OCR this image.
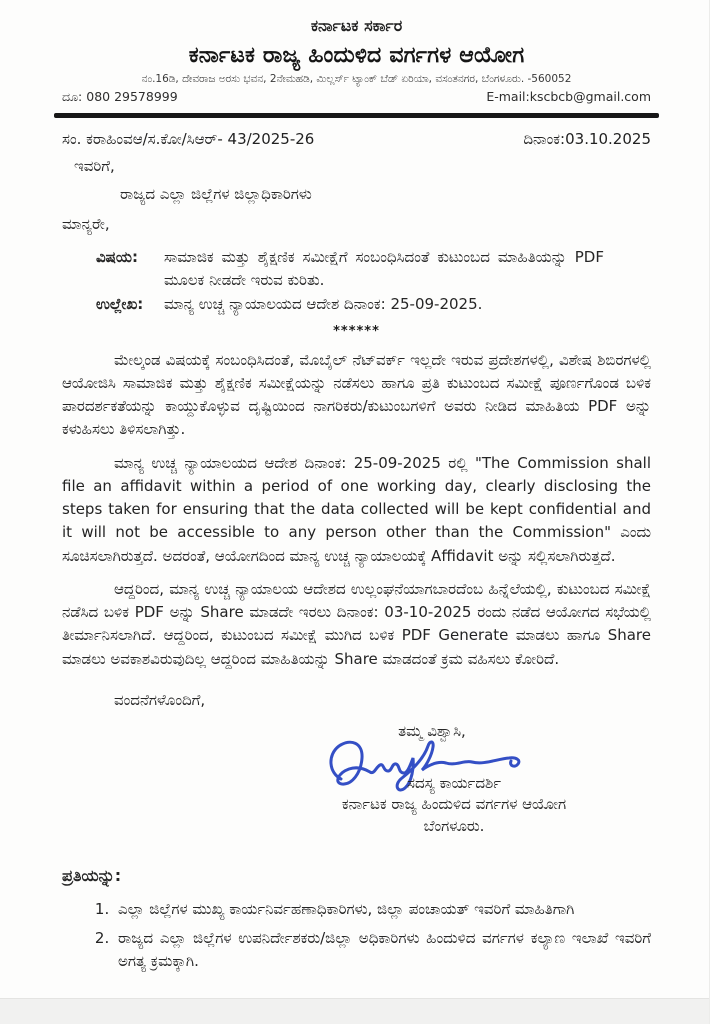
ಕರ್ನಾಟಕ ಸರ್ಕಾರ
ಕರ್ನಾಟಕ ರಾಜ್ಯ ಹಿಂದುಳಿದ ವರ್ಗಗಳ ಆಯೋಗ
ನಂ.16ಡಿ, ದೇವರಾಜ ಅರಸು ಭವನ, 2ನೇಮಹಡಿ, ಮಿಲ್ಲರ್ಸ್ ಟ್ಯಾಂಕ್ ಬೆಡ್ ಏರಿಯಾ, ವಸಂತನಗರ, ಬೆಂಗಳೂರು. -560052
ದೂ: 080 29578999	E-mail:kscbcb@gmail.com
ಸಂ. ಕರಾಹಿಂವಆ/ಸ.ಕೋ/ಸಿಆರ್- 43/2025-26	ದಿನಾಂಕ:03.10.2025
ಇವರಿಗೆ,
ರಾಜ್ಯದ ಎಲ್ಲಾ ಜಿಲ್ಲೆಗಳ ಜಿಲ್ಲಾಧಿಕಾರಿಗಳು
ಮಾನ್ಯರೇ,
ವಿಷಯ:	ಸಾಮಾಜಿಕ ಮತ್ತು ಶೈಕ್ಷಣಿಕ ಸಮೀಕ್ಷೆಗೆ ಸಂಬಂಧಿಸಿದಂತೆ ಕುಟುಂಬದ ಮಾಹಿತಿಯನ್ನು PDF ಮೂಲಕ ನೀಡದೇ ಇರುವ ಕುರಿತು.
ಉಲ್ಲೇಖ:	ಮಾನ್ಯ ಉಚ್ಚ ನ್ಯಾಯಾಲಯದ ಆದೇಶ ದಿನಾಂಕ: 25-09-2025.
******

ಮೇಲ್ಕಂಡ ವಿಷಯಕ್ಕೆ ಸಂಬಂಧಿಸಿದಂತೆ, ಮೊಬೈಲ್ ನೆಟ್‌ವರ್ಕ್ ಇಲ್ಲದೇ ಇರುವ ಪ್ರದೇಶಗಳಲ್ಲಿ, ವಿಶೇಷ ಶಿಬಿರಗಳಲ್ಲಿ ಆಯೋಜಿಸಿ ಸಾಮಾಜಿಕ ಮತ್ತು ಶೈಕ್ಷಣಿಕ ಸಮೀಕ್ಷೆಯನ್ನು ನಡೆಸಲು ಹಾಗೂ ಪ್ರತಿ ಕುಟುಂಬದ ಸಮೀಕ್ಷೆ ಪೂರ್ಣಗೊಂಡ ಬಳಿಕ ಪಾರದರ್ಶಕತೆಯನ್ನು ಕಾಯ್ದುಕೊಳ್ಳುವ ದೃಷ್ಟಿಯಿಂದ ನಾಗರಿಕರು/ಕುಟುಂಬಗಳಿಗೆ ಅವರು ನೀಡಿದ ಮಾಹಿತಿಯ PDF ಅನ್ನು ಕಳುಹಿಸಲು ತಿಳಿಸಲಾಗಿತ್ತು.

ಮಾನ್ಯ ಉಚ್ಚ ನ್ಯಾಯಾಲಯದ ಆದೇಶ ದಿನಾಂಕ: 25-09-2025 ರಲ್ಲಿ "The Commission shall file an affidavit within a period of one working day, clearly disclosing the steps taken for ensuring that the data collected will be kept confidential and it will not be accessible to any person other than the Commission" ಎಂದು ಸೂಚಿಸಲಾಗಿರುತ್ತದೆ. ಅದರಂತೆ, ಆಯೋಗದಿಂದ ಮಾನ್ಯ ಉಚ್ಚ ನ್ಯಾಯಾಲಯಕ್ಕೆ Affidavit ಅನ್ನು ಸಲ್ಲಿಸಲಾಗಿರುತ್ತದೆ.

ಆದ್ದರಿಂದ, ಮಾನ್ಯ ಉಚ್ಚ ನ್ಯಾಯಾಲಯ ಆದೇಶದ ಉಲ್ಲಂಘನೆಯಾಗಬಾರದೆಂಬ ಹಿನ್ನೆಲೆಯಲ್ಲಿ, ಕುಟುಂಬದ ಸಮೀಕ್ಷೆ ನಡೆಸಿದ ಬಳಿಕ PDF ಅನ್ನು Share ಮಾಡದೇ ಇರಲು ದಿನಾಂಕ: 03-10-2025 ರಂದು ನಡೆದ ಆಯೋಗದ ಸಭೆಯಲ್ಲಿ ತೀರ್ಮಾನಿಸಲಾಗಿದೆ. ಆದ್ದರಿಂದ, ಕುಟುಂಬದ ಸಮೀಕ್ಷೆ ಮುಗಿದ ಬಳಿಕ PDF Generate ಮಾಡಲು ಹಾಗೂ Share ಮಾಡಲು ಅವಕಾಶವಿರುವುದಿಲ್ಲ ಆದ್ದರಿಂದ ಮಾಹಿತಿಯನ್ನು Share ಮಾಡದಂತೆ ಕ್ರಮ ವಹಿಸಲು ಕೋರಿದೆ.

ವಂದನೆಗಳೊಂದಿಗೆ,
ತಮ್ಮ ವಿಶ್ವಾಸಿ,
ಸದಸ್ಯ ಕಾರ್ಯದರ್ಶಿ
ಕರ್ನಾಟಕ ರಾಜ್ಯ ಹಿಂದುಳಿದ ವರ್ಗಗಳ ಆಯೋಗ
ಬೆಂಗಳೂರು.
ಪ್ರತಿಯನ್ನು:
1. ಎಲ್ಲಾ ಜಿಲ್ಲೆಗಳ ಮುಖ್ಯ ಕಾರ್ಯನಿರ್ವಹಣಾಧಿಕಾರಿಗಳು, ಜಿಲ್ಲಾ ಪಂಚಾಯತ್ ಇವರಿಗೆ ಮಾಹಿತಿಗಾಗಿ
2. ರಾಜ್ಯದ ಎಲ್ಲಾ ಜಿಲ್ಲೆಗಳ ಉಪನಿರ್ದೇಶಕರು/ಜಿಲ್ಲಾ ಅಧಿಕಾರಿಗಳು ಹಿಂದುಳಿದ ವರ್ಗಗಳ ಕಲ್ಯಾಣ ಇಲಾಖೆ ಇವರಿಗೆ ಅಗತ್ಯ ಕ್ರಮಕ್ಕಾಗಿ.
